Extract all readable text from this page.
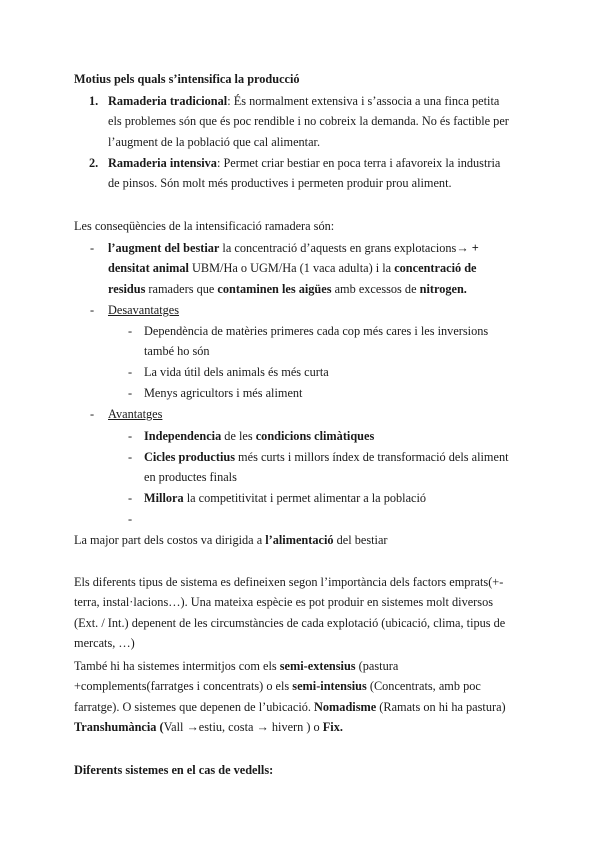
Motius pels quals s’intensifica la producció

1. Ramaderia tradicional: És normalment extensiva i s’associa a una finca petita els problemes són que és poc rendible i no cobreix la demanda. No és factible per l’augment de la població que cal alimentar.
2. Ramaderia intensiva: Permet criar bestiar en poca terra i afavoreix la industria de pinsos. Són molt més productives i permeten produir prou aliment.

Les conseqüències de la intensificació ramadera són:

- l’augment del bestiar la concentració d’aquests en grans explotacions→ + densitat animal UBM/Ha o UGM/Ha (1 vaca adulta) i la concentració de residus ramaders que contaminen les aigües amb excessos de nitrogen.
- Desavantatges
- Dependència de matèries primeres cada cop més cares i les inversions també ho són
- La vida útil dels animals és més curta
- Menys agricultors i més aliment
- Avantatges
- Independencia de les condicions climàtiques
- Cicles productius més curts i millors índex de transformació dels aliment en productes finals
- Millora la competitivitat i permet alimentar a la població
-

La major part dels costos va dirigida a l’alimentació del bestiar

Els diferents tipus de sistema es defineixen segon l’importància dels factors emprats(+-terra, instal·lacions…). Una mateixa espècie es pot produir en sistemes molt diversos (Ext. / Int.) depenent de les circumstàncies de cada explotació (ubicació, clima, tipus de mercats, …)

També hi ha sistemes intermitjos com els semi-extensius (pastura +complements(farratges i concentrats) o els semi-intensius (Concentrats, amb poc farratge). O sistemes que depenen de l’ubicació. Nomadisme (Ramats on hi ha pastura) Transhumància (Vall →estiu, costa → hivern ) o Fix.

Diferents sistemes en el cas de vedells:
